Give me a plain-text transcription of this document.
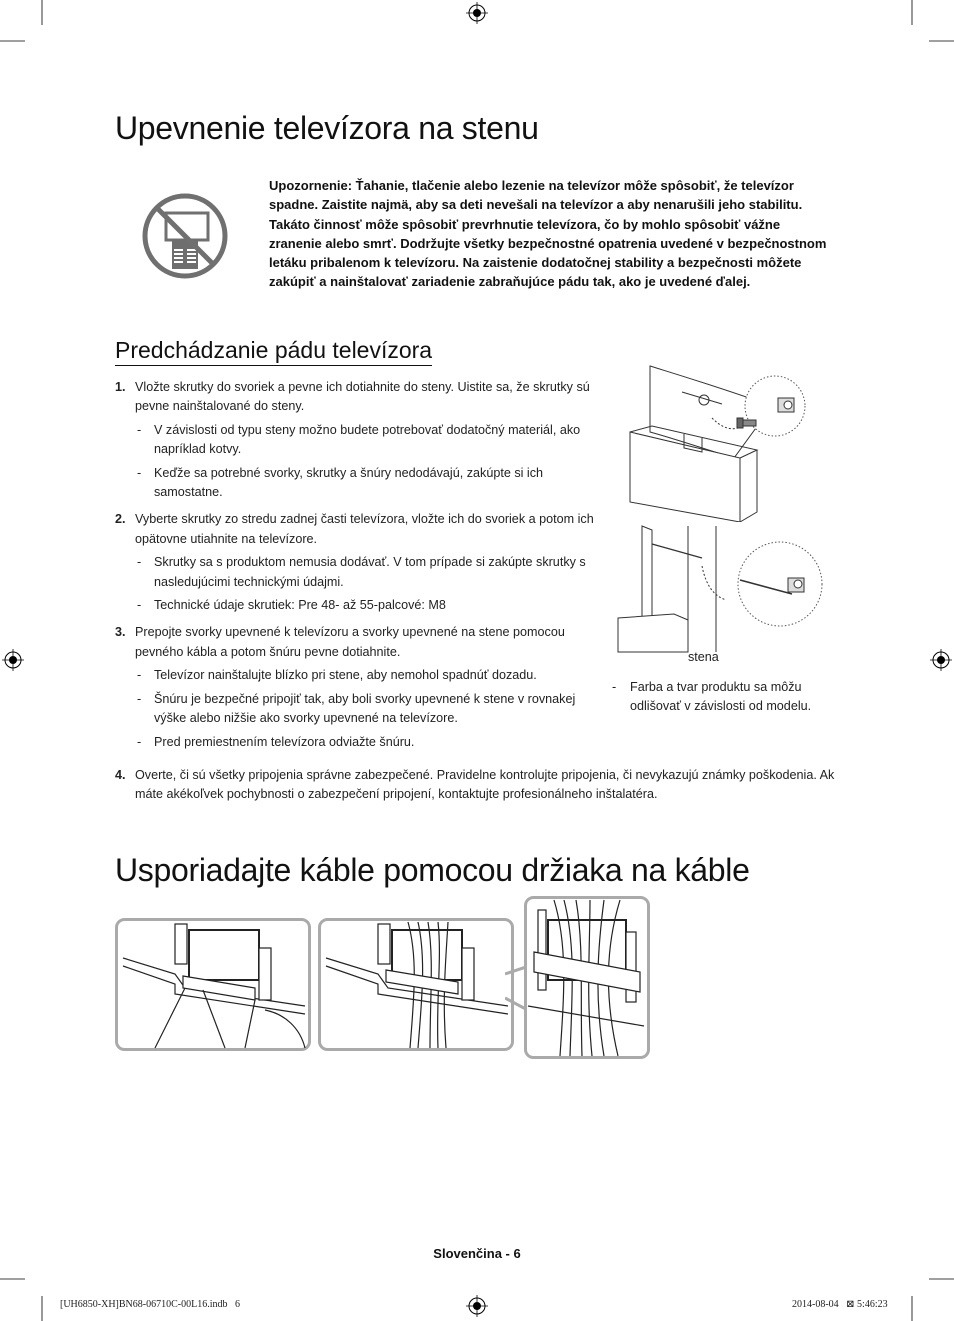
Upevnenie televízora na stenu
Upozornenie: Ťahanie, tlačenie alebo lezenie na televízor môže spôsobiť, že televízor spadne. Zaistite najmä, aby sa deti nevešali na televízor a aby nenarušili jeho stabilitu. Takáto činnosť môže spôsobiť prevrhnutie televízora, čo by mohlo spôsobiť vážne zranenie alebo smrť. Dodržujte všetky bezpečnostné opatrenia uvedené v bezpečnostnom letáku pribalenom k televízoru. Na zaistenie dodatočnej stability a bezpečnosti môžete zakúpiť a nainštalovať zariadenie zabraňujúce pádu tak, ako je uvedené ďalej.
Predchádzanie pádu televízora
1. Vložte skrutky do svoriek a pevne ich dotiahnite do steny. Uistite sa, že skrutky sú pevne nainštalované do steny.
- V závislosti od typu steny možno budete potrebovať dodatočný materiál, ako napríklad kotvy.
- Keďže sa potrebné svorky, skrutky a šnúry nedodávajú, zakúpte si ich samostatne.
2. Vyberte skrutky zo stredu zadnej časti televízora, vložte ich do svoriek a potom ich opätovne utiahnite na televízore.
- Skrutky sa s produktom nemusia dodávať. V tom prípade si zakúpte skrutky s nasledujúcimi technickými údajmi.
- Technické údaje skrutiek: Pre 48- až 55-palcové: M8
3. Prepojte svorky upevnené k televízoru a svorky upevnené na stene pomocou pevného kábla a potom šnúru pevne dotiahnite.
- Televízor nainštalujte blízko pri stene, aby nemohol spadnúť dozadu.
- Šnúru je bezpečné pripojiť tak, aby boli svorky upevnené k stene v rovnakej výške alebo nižšie ako svorky upevnené na televízore.
- Pred premiestnením televízora odviažte šnúru.
4. Overte, či sú všetky pripojenia správne zabezpečené. Pravidelne kontrolujte pripojenia, či nevykazujú známky poškodenia. Ak máte akékoľvek pochybnosti o zabezpečení pripojení, kontaktujte profesionálneho inštalatéra.
stena
-	Farba a tvar produktu sa môžu odlišovať v závislosti od modelu.
Usporiadajte káble pomocou držiaka na káble
Slovenčina - 6
[UH6850-XH]BN68-06710C-00L16.indb   6	2014-08-04   ⊠ 5:46:23
